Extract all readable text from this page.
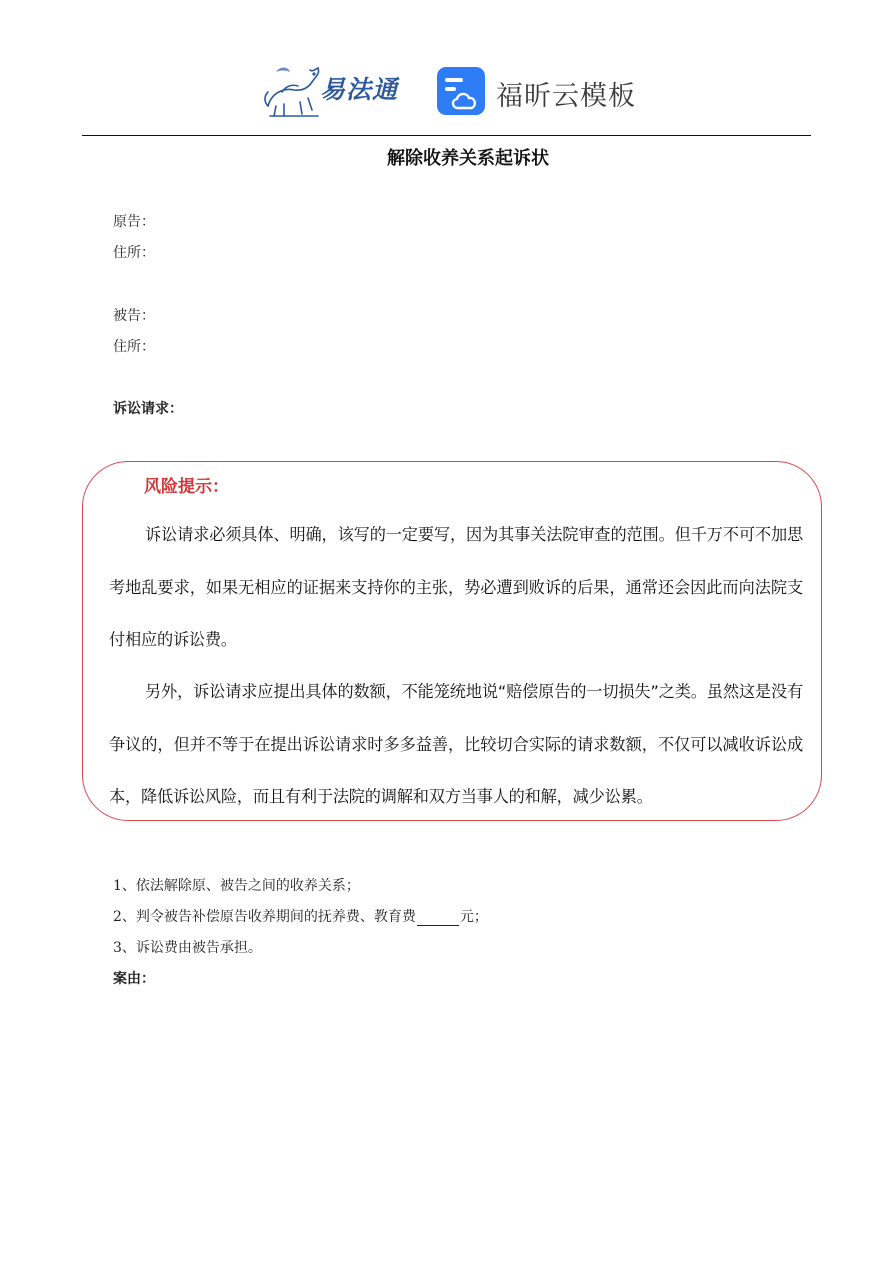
易法通	福昕云模板
解除收养关系起诉状
原告：
住所：
被告：
住所：
诉讼请求：
风险提示：
诉讼请求必须具体、明确，该写的一定要写，因为其事关法院审查的范围。但千万不可不加思考地乱要求，如果无相应的证据来支持你的主张，势必遭到败诉的后果，通常还会因此而向法院支付相应的诉讼费。
另外，诉讼请求应提出具体的数额，不能笼统地说“赔偿原告的一切损失”之类。虽然这是没有争议的，但并不等于在提出诉讼请求时多多益善，比较切合实际的请求数额，不仅可以减收诉讼成本，降低诉讼风险，而且有利于法院的调解和双方当事人的和解，减少讼累。
1、依法解除原、被告之间的收养关系；
2、判令被告补偿原告收养期间的抚养费、教育费	元；
3、诉讼费由被告承担。
案由：
